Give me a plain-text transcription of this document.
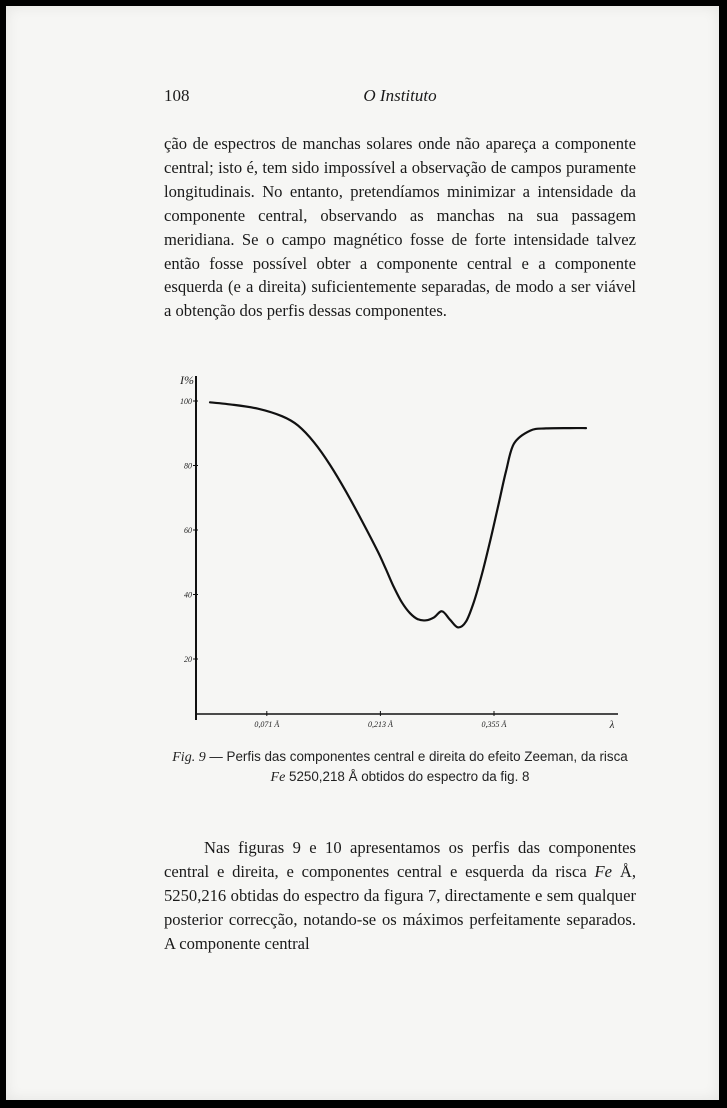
108	O Instituto

ção de espectros de manchas solares onde não apareça a componente central; isto é, tem sido impossível a observação de campos puramente longitudinais. No entanto, pretendíamos minimizar a intensidade da componente central, observando as manchas na sua passagem meridiana. Se o campo magnético fosse de forte intensidade talvez então fosse possível obter a componente central e a componente esquerda (e a direita) suficientemente separadas, de modo a ser viável a obtenção dos perfis dessas componentes.

I%
100
80
60
40
20
0,071 Å	0,213 Å	0,355 Å	λ
Fig. 9 — Perfis das componentes central e direita do efeito Zeeman, da risca Fe 5250,218 Å obtidos do espectro da fig. 8

Nas figuras 9 e 10 apresentamos os perfis das componentes central e direita, e componentes central e esquerda da risca Fe Å, 5250,216 obtidas do espectro da figura 7, directamente e sem qualquer posterior correcção, notando-se os máximos perfeitamente separados. A componente central
